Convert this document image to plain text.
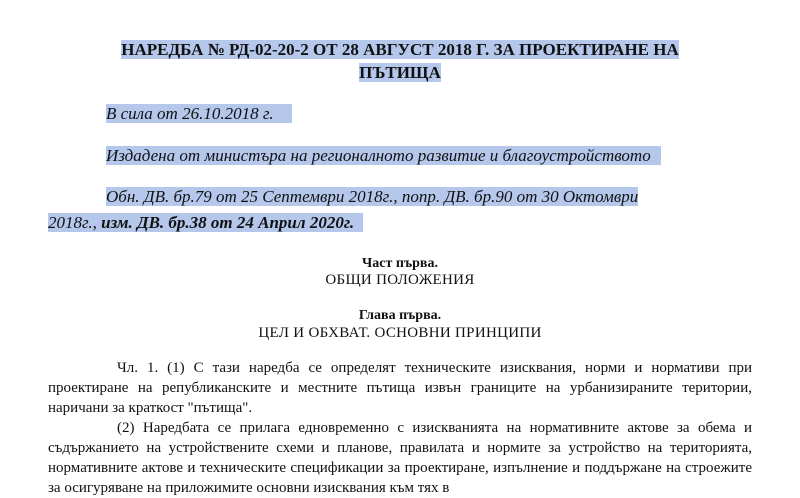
НАРЕДБА № РД-02-20-2 ОТ 28 АВГУСТ 2018 Г. ЗА ПРОЕКТИРАНЕ НА
ПЪТИЩА
В сила от 26.10.2018 г.
Издадена от министъра на регионалното развитие и благоустройството
Обн. ДВ. бр.79 от 25 Септември 2018г., попр. ДВ. бр.90 от 30 Октомври
2018г., изм. ДВ. бр.38 от 24 Април 2020г.
Част първа.
ОБЩИ ПОЛОЖЕНИЯ
Глава първа.
ЦЕЛ И ОБХВАТ. ОСНОВНИ ПРИНЦИПИ

Чл. 1. (1) С тази наредба се определят техническите изисквания, норми и нормативи при проектиране на републиканските и местните пътища извън границите на урбанизираните територии, наричани за краткост "пътища".

(2) Наредбата се прилага едновременно с изискванията на нормативните актове за обема и съдържанието на устройствените схеми и планове, правилата и нормите за устройство на територията, нормативните актове и техническите спецификации за проектиране, изпълнение и поддържане на строежите за осигуряване на приложимите основни изисквания към тях в
